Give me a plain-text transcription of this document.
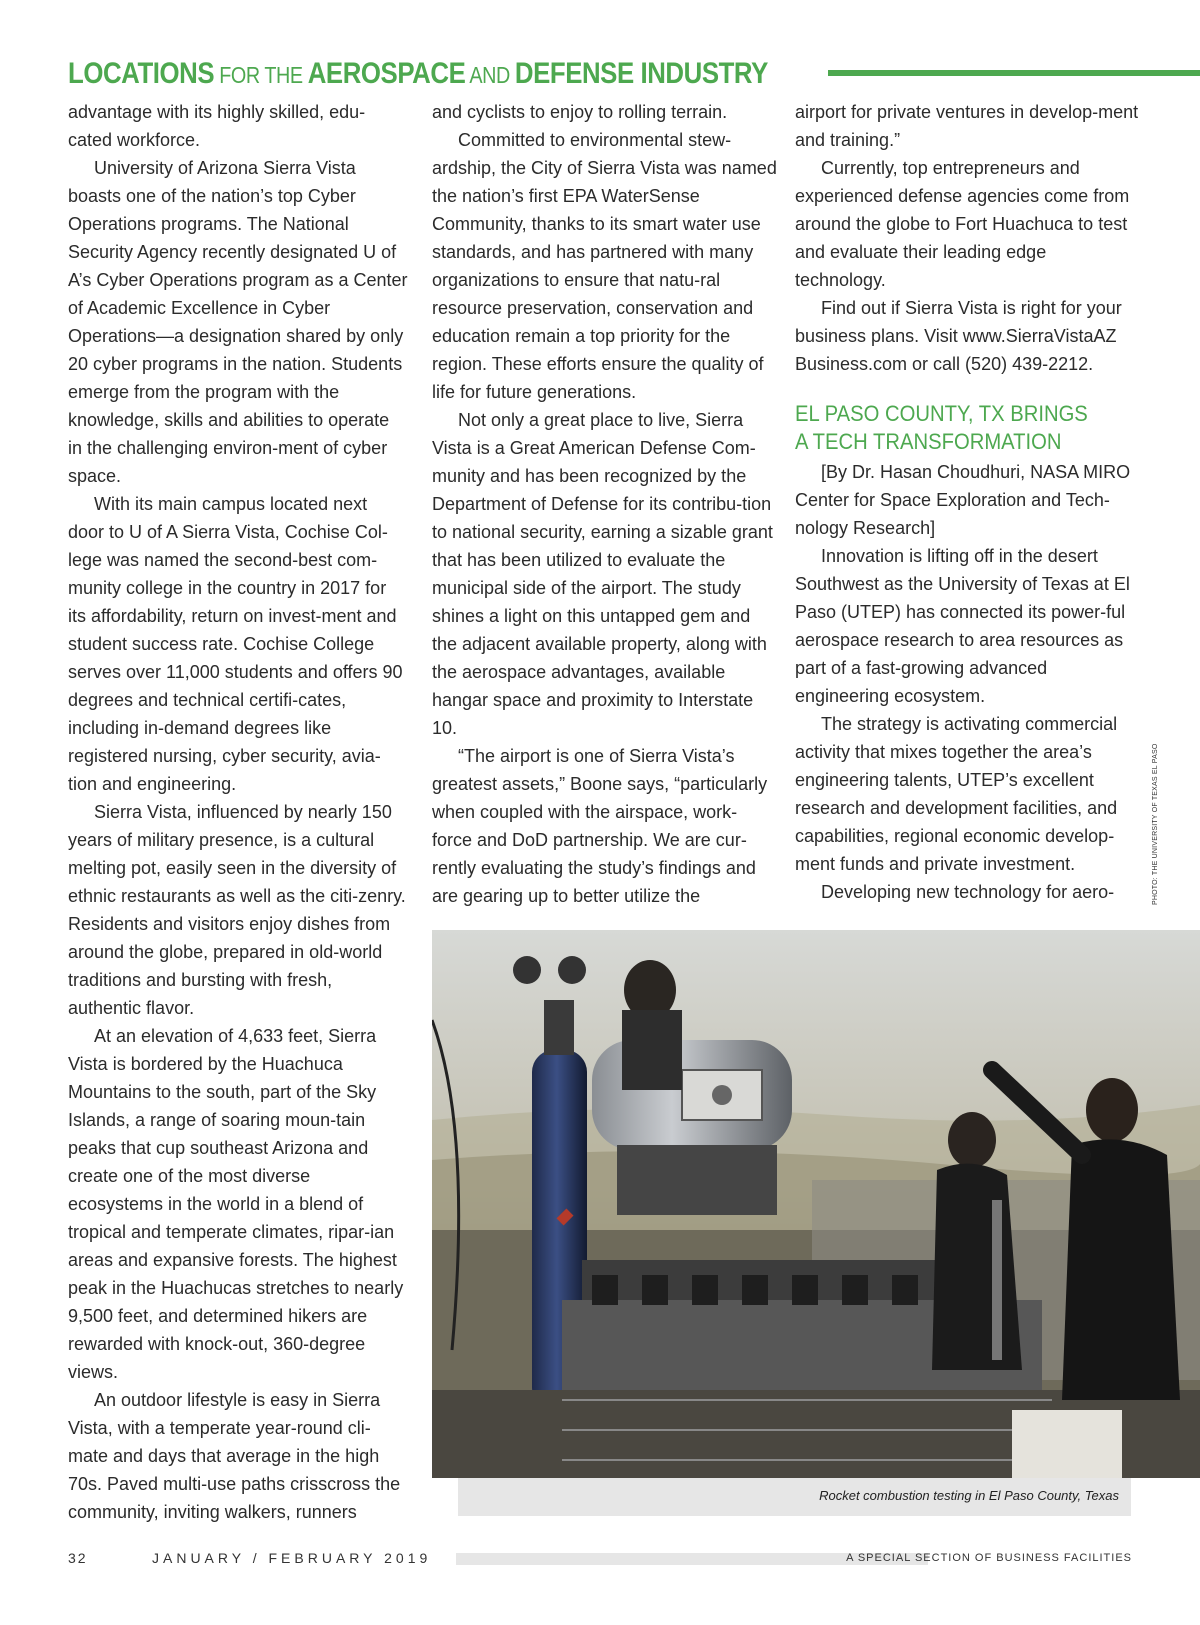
LOCATIONS FOR THE AEROSPACE AND DEFENSE INDUSTRY

advantage with its highly skilled, edu-cated workforce.

University of Arizona Sierra Vista boasts one of the nation’s top Cyber Operations programs. The National Security Agency recently designated U of A’s Cyber Operations program as a Center of Academic Excellence in Cyber Operations—a designation shared by only 20 cyber programs in the nation. Students emerge from the program with the knowledge, skills and abilities to operate in the challenging environ-ment of cyber space.

With its main campus located next door to U of A Sierra Vista, Cochise Col-lege was named the second-best com-munity college in the country in 2017 for its affordability, return on invest-ment and student success rate. Cochise College serves over 11,000 students and offers 90 degrees and technical certifi-cates, including in-demand degrees like registered nursing, cyber security, avia-tion and engineering.

Sierra Vista, influenced by nearly 150 years of military presence, is a cultural melting pot, easily seen in the diversity of ethnic restaurants as well as the citi-zenry. Residents and visitors enjoy dishes from around the globe, prepared in old-world traditions and bursting with fresh, authentic flavor.

At an elevation of 4,633 feet, Sierra Vista is bordered by the Huachuca Mountains to the south, part of the Sky Islands, a range of soaring moun-tain peaks that cup southeast Arizona and create one of the most diverse ecosystems in the world in a blend of tropical and temperate climates, ripar-ian areas and expansive forests. The highest peak in the Huachucas stretches to nearly 9,500 feet, and determined hikers are rewarded with knock-out, 360-degree views.

An outdoor lifestyle is easy in Sierra Vista, with a temperate year-round cli-mate and days that average in the high 70s. Paved multi-use paths crisscross the community, inviting walkers, runners

and cyclists to enjoy to rolling terrain.

Committed to environmental stew-ardship, the City of Sierra Vista was named the nation’s first EPA WaterSense Community, thanks to its smart water use standards, and has partnered with many organizations to ensure that natu-ral resource preservation, conservation and education remain a top priority for the region. These efforts ensure the quality of life for future generations.

Not only a great place to live, Sierra Vista is a Great American Defense Com-munity and has been recognized by the Department of Defense for its contribu-tion to national security, earning a sizable grant that has been utilized to evaluate the municipal side of the airport. The study shines a light on this untapped gem and the adjacent available property, along with the aerospace advantages, available hangar space and proximity to Interstate 10.

“The airport is one of Sierra Vista’s greatest assets,” Boone says, “particularly when coupled with the airspace, work-force and DoD partnership. We are cur-rently evaluating the study’s findings and are gearing up to better utilize the

airport for private ventures in develop-ment and training.”

Currently, top entrepreneurs and experienced defense agencies come from around the globe to Fort Huachuca to test and evaluate their leading edge technology.

Find out if Sierra Vista is right for your business plans. Visit www.SierraVistaAZ Business.com or call (520) 439-2212.

EL PASO COUNTY, TX BRINGS
A TECH TRANSFORMATION

[By Dr. Hasan Choudhuri, NASA MIRO Center for Space Exploration and Tech-nology Research]

Innovation is lifting off in the desert Southwest as the University of Texas at El Paso (UTEP) has connected its power-ful aerospace research to area resources as part of a fast-growing advanced engineering ecosystem.

The strategy is activating commercial activity that mixes together the area’s engineering talents, UTEP’s excellent research and development facilities, and capabilities, regional economic develop-ment funds and private investment.

Developing new technology for aero-	PHOTO: THE UNIVERSITY OF TEXAS EL PASO
Rocket combustion testing in El Paso County, Texas
32	JANUARY / FEBRUARY 2019	A SPECIAL SECTION OF BUSINESS FACILITIES
